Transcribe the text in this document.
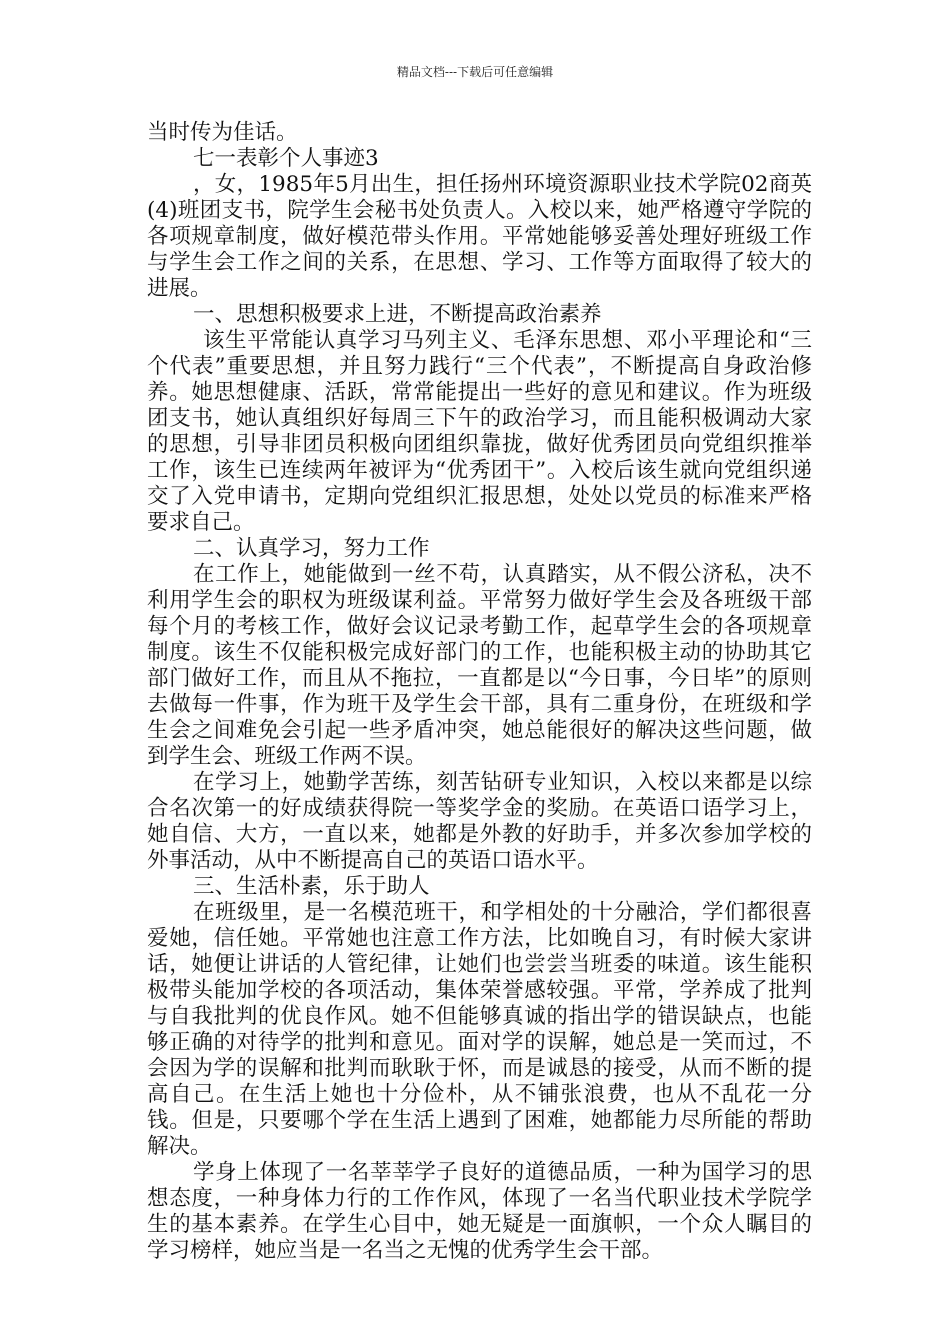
精品文档---下载后可任意编辑

当时传为佳话。

七一表彰个人事迹3

，女，1985年5月出生，担任扬州环境资源职业技术学院02商英(4)班团支书，院学生会秘书处负责人。入校以来，她严格遵守学院的各项规章制度，做好模范带头作用。平常她能够妥善处理好班级工作与学生会工作之间的关系，在思想、学习、工作等方面取得了较大的进展。

一、思想积极要求上进，不断提高政治素养

该生平常能认真学习马列主义、毛泽东思想、邓小平理论和“三个代表”重要思想，并且努力践行“三个代表”，不断提高自身政治修养。她思想健康、活跃，常常能提出一些好的意见和建议。作为班级团支书，她认真组织好每周三下午的政治学习，而且能积极调动大家的思想，引导非团员积极向团组织靠拢，做好优秀团员向党组织推举工作，该生已连续两年被评为“优秀团干”。入校后该生就向党组织递交了入党申请书，定期向党组织汇报思想，处处以党员的标准来严格要求自己。

二、认真学习，努力工作

在工作上，她能做到一丝不苟，认真踏实，从不假公济私，决不利用学生会的职权为班级谋利益。平常努力做好学生会及各班级干部每个月的考核工作，做好会议记录考勤工作，起草学生会的各项规章制度。该生不仅能积极完成好部门的工作，也能积极主动的协助其它部门做好工作，而且从不拖拉，一直都是以“今日事，今日毕”的原则去做每一件事，作为班干及学生会干部，具有二重身份，在班级和学生会之间难免会引起一些矛盾冲突，她总能很好的解决这些问题，做到学生会、班级工作两不误。

在学习上，她勤学苦练，刻苦钻研专业知识，入校以来都是以综合名次第一的好成绩获得院一等奖学金的奖励。在英语口语学习上，她自信、大方，一直以来，她都是外教的好助手，并多次参加学校的外事活动，从中不断提高自己的英语口语水平。

三、生活朴素，乐于助人

在班级里，是一名模范班干，和学相处的十分融洽，学们都很喜爱她，信任她。平常她也注意工作方法，比如晚自习，有时候大家讲话，她便让讲话的人管纪律，让她们也尝尝当班委的味道。该生能积极带头能加学校的各项活动，集体荣誉感较强。平常，学养成了批判与自我批判的优良作风。她不但能够真诚的指出学的错误缺点，也能够正确的对待学的批判和意见。面对学的误解，她总是一笑而过，不会因为学的误解和批判而耿耿于怀，而是诚恳的接受，从而不断的提高自己。在生活上她也十分俭朴，从不铺张浪费，也从不乱花一分钱。但是，只要哪个学在生活上遇到了困难，她都能力尽所能的帮助解决。

学身上体现了一名莘莘学子良好的道德品质，一种为国学习的思想态度，一种身体力行的工作作风，体现了一名当代职业技术学院学生的基本素养。在学生心目中，她无疑是一面旗帜，一个众人瞩目的学习榜样，她应当是一名当之无愧的优秀学生会干部。
